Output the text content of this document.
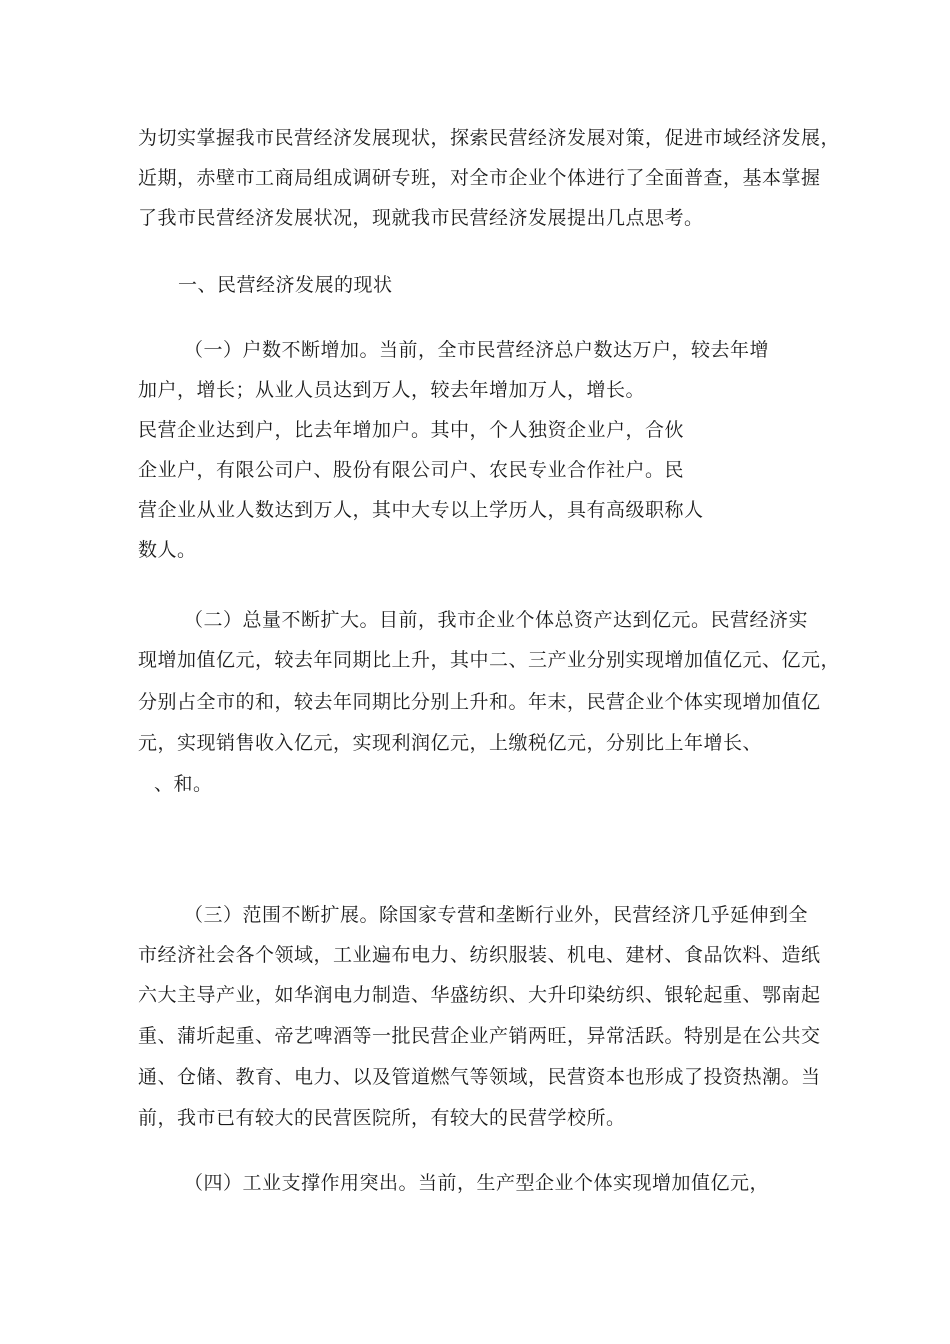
为切实掌握我市民营经济发展现状，探索民营经济发展对策，促进市域经济发展，
近期，赤壁市工商局组成调研专班，对全市企业个体进行了全面普查，基本掌握
了我市民营经济发展状况，现就我市民营经济发展提出几点思考。
一、民营经济发展的现状
（一）户数不断增加。当前，全市民营经济总户数达万户，较去年增
加户，增长；从业人员达到万人，较去年增加万人，增长。
民营企业达到户，比去年增加户。其中，个人独资企业户，合伙
企业户，有限公司户、股份有限公司户、农民专业合作社户。民
营企业从业人数达到万人，其中大专以上学历人，具有高级职称人
数人。
（二）总量不断扩大。目前，我市企业个体总资产达到亿元。民营经济实
现增加值亿元，较去年同期比上升，其中二、三产业分别实现增加值亿元、亿元，
分别占全市的和，较去年同期比分别上升和。年末，民营企业个体实现增加值亿
元，实现销售收入亿元，实现利润亿元，上缴税亿元，分别比上年增长、
、和。
（三）范围不断扩展。除国家专营和垄断行业外，民营经济几乎延伸到全
市经济社会各个领域，工业遍布电力、纺织服装、机电、建材、食品饮料、造纸
六大主导产业，如华润电力制造、华盛纺织、大升印染纺织、银轮起重、鄂南起
重、蒲圻起重、帝艺啤酒等一批民营企业产销两旺，异常活跃。特别是在公共交
通、仓储、教育、电力、以及管道燃气等领域，民营资本也形成了投资热潮。当
前，我市已有较大的民营医院所，有较大的民营学校所。
（四）工业支撑作用突出。当前，生产型企业个体实现增加值亿元，
